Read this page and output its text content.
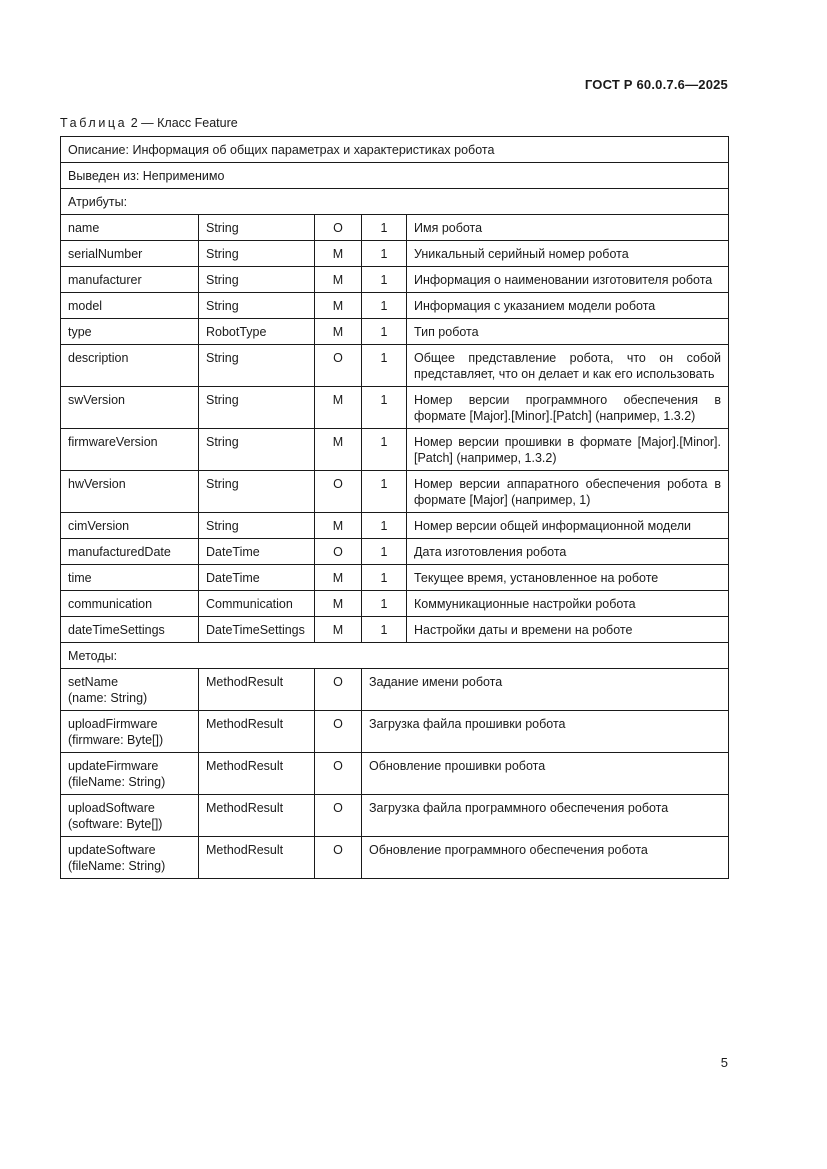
ГОСТ Р 60.0.7.6—2025
Таблица 2 — Класс Feature
Описание: Информация об общих параметрах и характеристиках робота				
Выведен из: Неприменимо				
Атрибуты:				
name	String	O	1	Имя робота
serialNumber	String	M	1	Уникальный серийный номер робота
manufacturer	String	M	1	Информация о наименовании изготовителя робота
model	String	M	1	Информация с указанием модели робота
type	RobotType	M	1	Тип робота
description	String	O	1	Общее представление робота, что он собой представляет, что он делает и как его использовать
swVersion	String	M	1	Номер версии программного обеспечения в формате [Major].[Minor].[Patch] (например, 1.3.2)
firmwareVersion	String	M	1	Номер версии прошивки в формате [Major].[Minor].[Patch] (например, 1.3.2)
hwVersion	String	O	1	Номер версии аппаратного обеспечения робота в формате [Major] (например, 1)
cimVersion	String	M	1	Номер версии общей информационной модели
manufacturedDate	DateTime	O	1	Дата изготовления робота
time	DateTime	M	1	Текущее время, установленное на роботе
communication	Communication	M	1	Коммуникационные настройки робота
dateTimeSettings	DateTimeSettings	M	1	Настройки даты и времени на роботе
Методы:				

setName
(name: String)	MethodResult	O	Задание имени робота	

uploadFirmware
(firmware: Byte[])	MethodResult	O	Загрузка файла прошивки робота	

updateFirmware
(fileName: String)	MethodResult	O	Обновление прошивки робота	

uploadSoftware
(software: Byte[])	MethodResult	O	Загрузка файла программного обеспечения робота	

updateSoftware
(fileName: String)	MethodResult	O	Обновление программного обеспечения робота	
5
